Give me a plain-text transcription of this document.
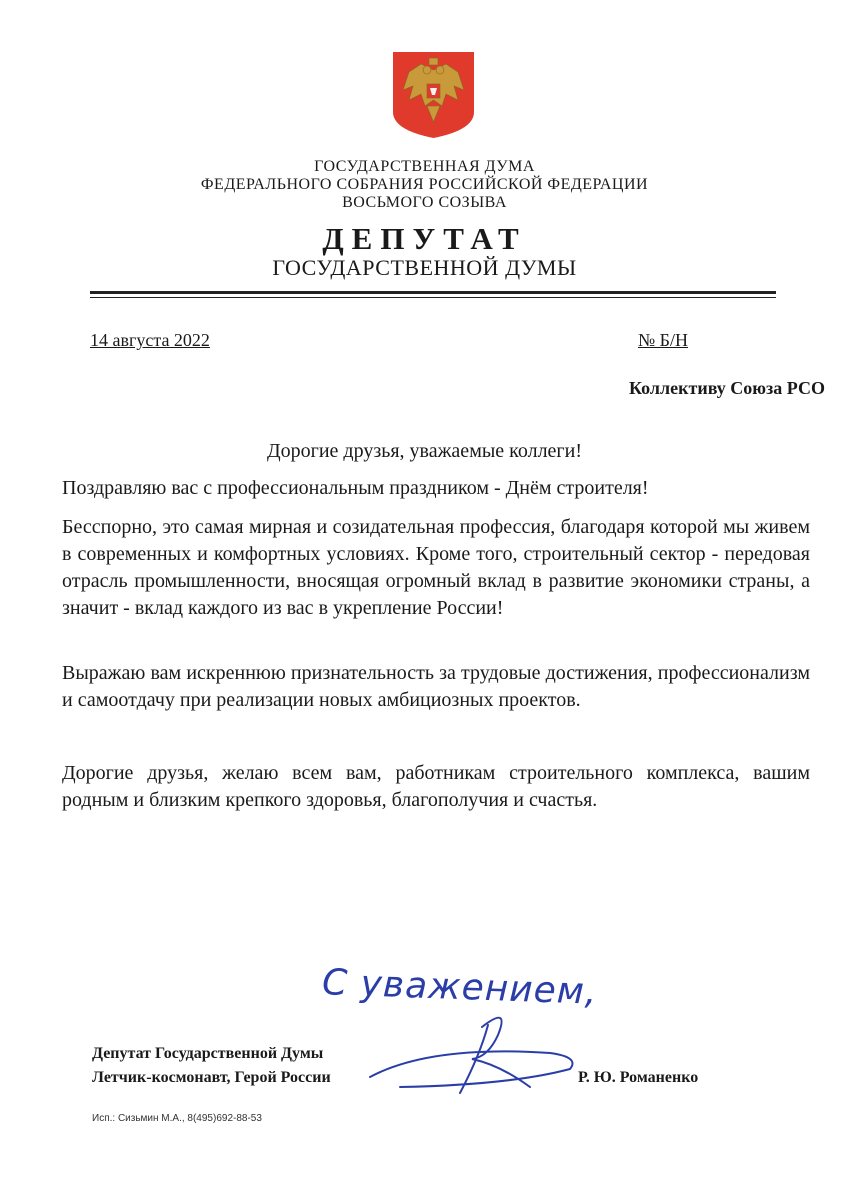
ГОСУДАРСТВЕННАЯ ДУМА
ФЕДЕРАЛЬНОГО СОБРАНИЯ РОССИЙСКОЙ ФЕДЕРАЦИИ
ВОСЬМОГО СОЗЫВА
ДЕПУТАТ
ГОСУДАРСТВЕННОЙ ДУМЫ
14 августа 2022	№ Б/Н
Коллективу Союза РСО
Дорогие друзья, уважаемые коллеги!
Поздравляю вас с профессиональным праздником - Днём строителя!
Бесспорно, это самая мирная и созидательная профессия, благодаря которой мы живем в современных и комфортных условиях. Кроме того, строительный сектор - передовая отрасль промышленности, вносящая огромный вклад в развитие экономики страны, а значит - вклад каждого из вас в укрепление России!
Выражаю вам искреннюю признательность за трудовые достижения, профессионализм и самоотдачу при реализации новых амбициозных проектов.
Дорогие друзья, желаю всем вам, работникам строительного комплекса, вашим родным и близким крепкого здоровья, благополучия и счастья.
С уважением,
Депутат Государственной Думы
Летчик-космонавт, Герой России	Р. Ю. Романенко
Исп.: Сизьмин М.А., 8(495)692-88-53
